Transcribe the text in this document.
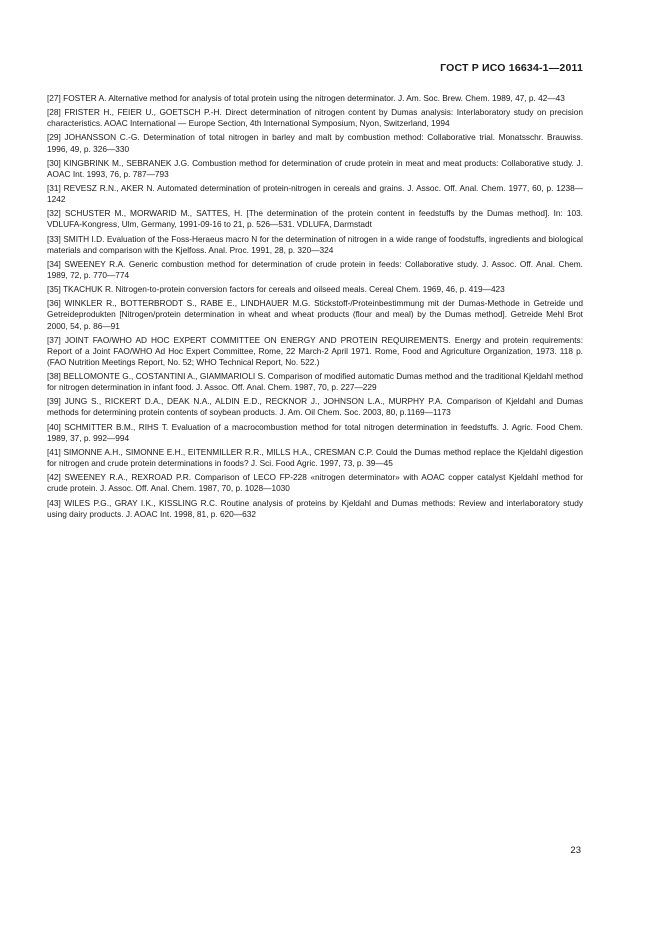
ГОСТ Р ИСО 16634-1—2011
[27] FOSTER A. Alternative method for analysis of total protein using the nitrogen determinator. J. Am. Soc. Brew. Chem. 1989, 47, p. 42—43
[28] FRISTER H., FEIER U., GOETSCH P.-H. Direct determination of nitrogen content by Dumas analysis: Interlaboratory study on precision characteristics. AOAC International — Europe Section, 4th International Symposium, Nyon, Switzerland, 1994
[29] JOHANSSON C.-G. Determination of total nitrogen in barley and malt by combustion method: Collaborative trial. Monatsschr. Brauwiss. 1996, 49, p. 326—330
[30] KINGBRINK M., SEBRANEK J.G. Combustion method for determination of crude protein in meat and meat products: Collaborative study. J. AOAC Int. 1993, 76, p. 787—793
[31] REVESZ R.N., AKER N. Automated determination of protein-nitrogen in cereals and grains. J. Assoc. Off. Anal. Chem. 1977, 60, p. 1238—1242
[32] SCHUSTER M., MORWARID M., SATTES, H. [The determination of the protein content in feedstuffs by the Dumas method]. In: 103. VDLUFA-Kongress, Ulm, Germany, 1991-09-16 to 21, p. 526—531. VDLUFA, Darmstadt
[33] SMITH I.D. Evaluation of the Foss-Heraeus macro N for the determination of nitrogen in a wide range of foodstuffs, ingredients and biological materials and comparison with the Kjelfoss. Anal. Proc. 1991, 28, p. 320—324
[34] SWEENEY R.A. Generic combustion method for determination of crude protein in feeds: Collaborative study. J. Assoc. Off. Anal. Chem. 1989, 72, p. 770—774
[35] TKACHUK R. Nitrogen-to-protein conversion factors for cereals and oilseed meals. Cereal Chem. 1969, 46, p. 419—423
[36] WINKLER R., BOTTERBRODT S., RABE E., LINDHAUER M.G. Stickstoff-/Proteinbestimmung mit der Dumas-Methode in Getreide und Getreideprodukten [Nitrogen/protein determination in wheat and wheat products (flour and meal) by the Dumas method]. Getreide Mehl Brot 2000, 54, p. 86—91
[37] JOINT FAO/WHO AD HOC EXPERT COMMITTEE ON ENERGY AND PROTEIN REQUIREMENTS. Energy and protein requirements: Report of a Joint FAO/WHO Ad Hoc Expert Committee, Rome, 22 March-2 April 1971. Rome, Food and Agriculture Organization, 1973. 118 p. (FAO Nutrition Meetings Report, No. 52; WHO Technical Report, No. 522.)
[38] BELLOMONTE G., COSTANTINI A., GIAMMARIOLI S. Comparison of modified automatic Dumas method and the traditional Kjeldahl method for nitrogen determination in infant food. J. Assoc. Off. Anal. Chem. 1987, 70, p. 227—229
[39] JUNG S., RICKERT D.A., DEAK N.A., ALDIN E.D., RECKNOR J., JOHNSON L.A., MURPHY P.A. Comparison of Kjeldahl and Dumas methods for determining protein contents of soybean products. J. Am. Oil Chem. Soc. 2003, 80, p.1169—1173
[40] SCHMITTER B.M., RIHS T. Evaluation of a macrocombustion method for total nitrogen determination in feedstuffs. J. Agric. Food Chem. 1989, 37, p. 992—994
[41] SIMONNE A.H., SIMONNE E.H., EITENMILLER R.R., MILLS H.A., CRESMAN C.P. Could the Dumas method replace the Kjeldahl digestion for nitrogen and crude protein determinations in foods? J. Sci. Food Agric. 1997, 73, p. 39—45
[42] SWEENEY R.A., REXROAD P.R. Comparison of LECO FP-228 «nitrogen determinator» with AOAC copper catalyst Kjeldahl method for crude protein. J. Assoc. Off. Anal. Chem. 1987, 70, p. 1028—1030
[43] WILES P.G., GRAY I.K., KISSLING R.C. Routine analysis of proteins by Kjeldahl and Dumas methods: Review and interlaboratory study using dairy products. J. AOAC Int. 1998, 81, p. 620—632
23
